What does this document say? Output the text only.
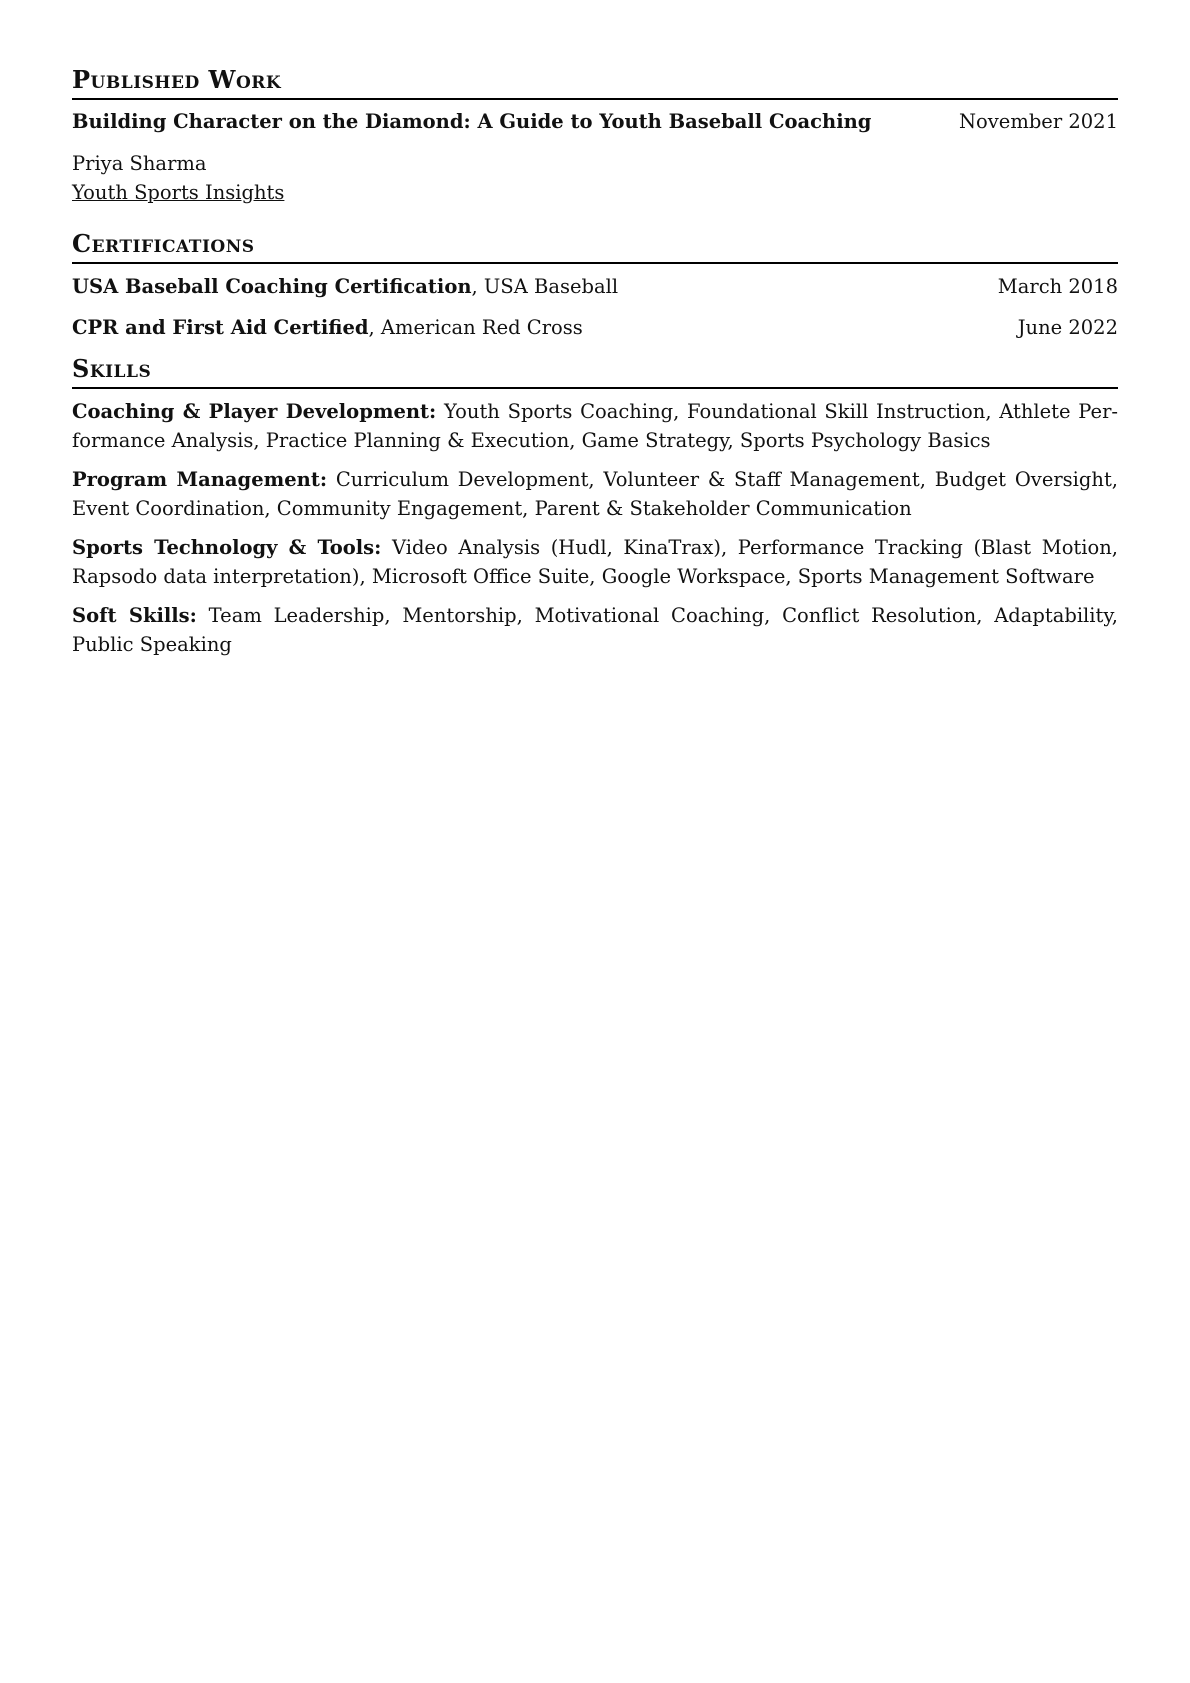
Published Work
Building Character on the Diamond: A Guide to Youth Baseball Coaching	November 2021
Priya Sharma
Youth Sports Insights
Certifications
USA Baseball Coaching Certification, USA Baseball	March 2018
CPR and First Aid Certified, American Red Cross	June 2022
Skills

Coaching & Player Development: Youth Sports Coaching, Foundational Skill Instruction, Athlete Performance Analysis, Practice Planning & Execution, Game Strategy, Sports Psychology Basics

Program Management: Curriculum Development, Volunteer & Staff Management, Budget Oversight, Event Coordination, Community Engagement, Parent & Stakeholder Communication

Sports Technology & Tools: Video Analysis (Hudl, KinaTrax), Performance Tracking (Blast Motion, Rapsodo data interpretation), Microsoft Office Suite, Google Workspace, Sports Management Software

Soft Skills: Team Leadership, Mentorship, Motivational Coaching, Conflict Resolution, Adaptability, Public Speaking
